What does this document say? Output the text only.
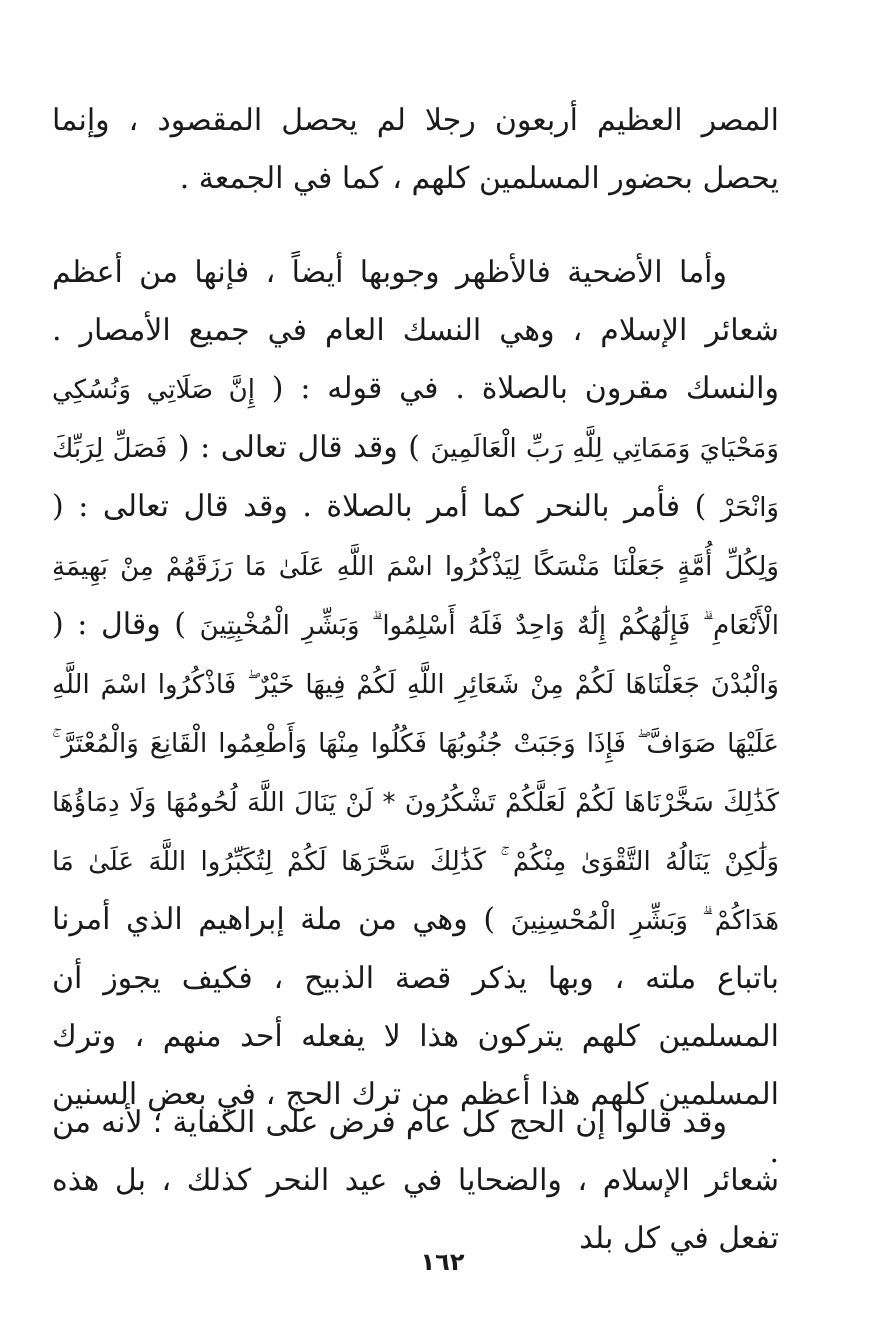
المصر العظيم أربعون رجلا لم يحصل المقصود ، وإنما يحصل بحضور المسلمين كلهم ، كما في الجمعة .

وأما الأضحية فالأظهر وجوبها أيضاً ، فإنها من أعظم شعائر الإسلام ، وهي النسك العام في جميع الأمصار . والنسك مقرون بالصلاة . في قوله : ( إِنَّ صَلَاتِي وَنُسُكِي وَمَحْيَايَ وَمَمَاتِي لِلَّهِ رَبِّ الْعَالَمِينَ ) وقد قال تعالى : ( فَصَلِّ لِرَبِّكَ وَانْحَرْ ) فأمر بالنحر كما أمر بالصلاة . وقد قال تعالى : ( وَلِكُلِّ أُمَّةٍ جَعَلْنَا مَنْسَكًا لِيَذْكُرُوا اسْمَ اللَّهِ عَلَىٰ مَا رَزَقَهُمْ مِنْ بَهِيمَةِ الْأَنْعَامِ ۗ فَإِلَٰهُكُمْ إِلَٰهٌ وَاحِدٌ فَلَهُ أَسْلِمُوا ۗ وَبَشِّرِ الْمُخْبِتِينَ ) وقال : ( وَالْبُدْنَ جَعَلْنَاهَا لَكُمْ مِنْ شَعَائِرِ اللَّهِ لَكُمْ فِيهَا خَيْرٌ ۖ فَاذْكُرُوا اسْمَ اللَّهِ عَلَيْهَا صَوَافَّ ۖ فَإِذَا وَجَبَتْ جُنُوبُهَا فَكُلُوا مِنْهَا وَأَطْعِمُوا الْقَانِعَ وَالْمُعْتَرَّ ۚ كَذَٰلِكَ سَخَّرْنَاهَا لَكُمْ لَعَلَّكُمْ تَشْكُرُونَ * لَنْ يَنَالَ اللَّهَ لُحُومُهَا وَلَا دِمَاؤُهَا وَلَٰكِنْ يَنَالُهُ التَّقْوَىٰ مِنْكُمْ ۚ كَذَٰلِكَ سَخَّرَهَا لَكُمْ لِتُكَبِّرُوا اللَّهَ عَلَىٰ مَا هَدَاكُمْ ۗ وَبَشِّرِ الْمُحْسِنِينَ ) وهي من ملة إبراهيم الذي أمرنا باتباع ملته ، وبها يذكر قصة الذبيح ، فكيف يجوز أن المسلمين كلهم يتركون هذا لا يفعله أحد منهم ، وترك المسلمين كلهم هذا أعظم من ترك الحج ، في بعض السنين .

وقد قالوا إن الحج كل عام فرض على الكفاية ؛ لأنه من شعائر الإسلام ، والضحايا في عيد النحر كذلك ، بل هذه تفعل في كل بلد

١٦٢
